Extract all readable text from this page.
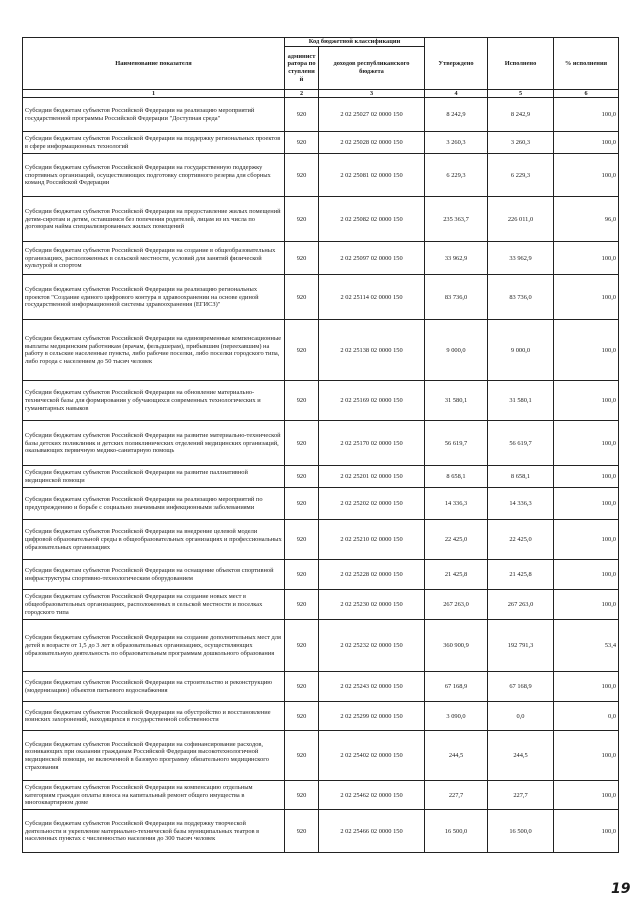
Наименование показателя	Код бюджетной классификации		Утверждено	Исполнено	% исполнения
	администратора поступлений	доходов республиканского бюджета			
1	2	3	4	5	6
Субсидии бюджетам субъектов Российской Федерации на реализацию мероприятий государственной программы Российской Федерации "Доступная среда"	920	2 02 25027 02 0000 150	8 242,9	8 242,9	100,0
Субсидии бюджетам субъектов Российской Федерации на поддержку региональных проектов в сфере информационных технологий	920	2 02 25028 02 0000 150	3 260,3	3 260,3	100,0
Субсидии бюджетам субъектов Российской Федерации на государственную поддержку спортивных организаций, осуществляющих подготовку спортивного резерва для сборных команд Российской Федерации	920	2 02 25081 02 0000 150	6 229,3	6 229,3	100,0
Субсидии бюджетам субъектов Российской Федерации на предоставление жилых помещений детям-сиротам и детям, оставшимся без попечения родителей, лицам из их числа по договорам найма специализированных жилых помещений	920	2 02 25082 02 0000 150	235 363,7	226 011,0	96,0
Субсидии бюджетам субъектов Российской Федерации на создание в общеобразовательных организациях, расположенных в сельской местности, условий для занятий физической культурой и спортом	920	2 02 25097 02 0000 150	33 962,9	33 962,9	100,0
Субсидии бюджетам субъектов Российской Федерации на реализацию региональных проектов "Создание единого цифрового контура в здравоохранении на основе единой государственной информационной системы здравоохранения (ЕГИСЗ)"	920	2 02 25114 02 0000 150	83 736,0	83 736,0	100,0
Субсидии бюджетам субъектов Российской Федерации на единовременные компенсационные выплаты медицинским работникам (врачам, фельдшерам), прибывшим (переехавшим) на работу в сельские населенные пункты, либо рабочие поселки, либо поселки городского типа, либо города с населением до 50 тысяч человек	920	2 02 25138 02 0000 150	9 000,0	9 000,0	100,0
Субсидии бюджетам субъектов Российской Федерации на обновление материально-технической базы для формирования у обучающихся современных технологических и гуманитарных навыков	920	2 02 25169 02 0000 150	31 580,1	31 580,1	100,0
Субсидии бюджетам субъектов Российской Федерации на развитие материально-технической базы детских поликлиник и детских поликлинических отделений медицинских организаций, оказывающих первичную медико-санитарную помощь	920	2 02 25170 02 0000 150	56 619,7	56 619,7	100,0
Субсидии бюджетам субъектов Российской Федерации на развитие паллиативной медицинской помощи	920	2 02 25201 02 0000 150	8 658,1	8 658,1	100,0
Субсидии бюджетам субъектов Российской Федерации на реализацию мероприятий по предупреждению и борьбе с социально значимыми инфекционными заболеваниями	920	2 02 25202 02 0000 150	14 336,3	14 336,3	100,0
Субсидии бюджетам субъектов Российской Федерации на внедрение целевой модели цифровой образовательной среды в общеобразовательных организациях и профессиональных образовательных организациях	920	2 02 25210 02 0000 150	22 425,0	22 425,0	100,0
Субсидии бюджетам субъектов Российской Федерации на оснащение объектов спортивной инфраструктуры спортивно-технологическим оборудованием	920	2 02 25228 02 0000 150	21 425,8	21 425,8	100,0
Субсидии бюджетам субъектов Российской Федерации на создание новых мест в общеобразовательных организациях, расположенных в сельской местности и поселках городского типа	920	2 02 25230 02 0000 150	267 263,0	267 263,0	100,0
Субсидии бюджетам субъектов Российской Федерации на создание дополнительных мест для детей в возрасте от 1,5 до 3 лет в образовательных организациях, осуществляющих образовательную деятельность по образовательным программам дошкольного образования	920	2 02 25232 02 0000 150	360 900,9	192 791,3	53,4
Субсидии бюджетам субъектов Российской Федерации на строительство и реконструкцию (модернизацию) объектов питьевого водоснабжения	920	2 02 25243 02 0000 150	67 168,9	67 168,9	100,0
Субсидии бюджетам субъектов Российской Федерации на обустройство и восстановление воинских захоронений, находящихся в государственной собственности	920	2 02 25299 02 0000 150	3 090,0	0,0	0,0
Субсидии бюджетам субъектов Российской Федерации на софинансирование расходов, возникающих при оказании гражданам Российской Федерации высокотехнологичной медицинской помощи, не включенной в базовую программу обязательного медицинского страхования	920	2 02 25402 02 0000 150	244,5	244,5	100,0
Субсидии бюджетам субъектов Российской Федерации на компенсацию отдельным категориям граждан оплаты взноса на капитальный ремонт общего имущества в многоквартирном доме	920	2 02 25462 02 0000 150	227,7	227,7	100,0
Субсидии бюджетам субъектов Российской Федерации на поддержку творческой деятельности и укрепление материально-технической базы муниципальных театров в населенных пунктах с численностью населения до 300 тысяч человек	920	2 02 25466 02 0000 150	16 500,0	16 500,0	100,0
19
